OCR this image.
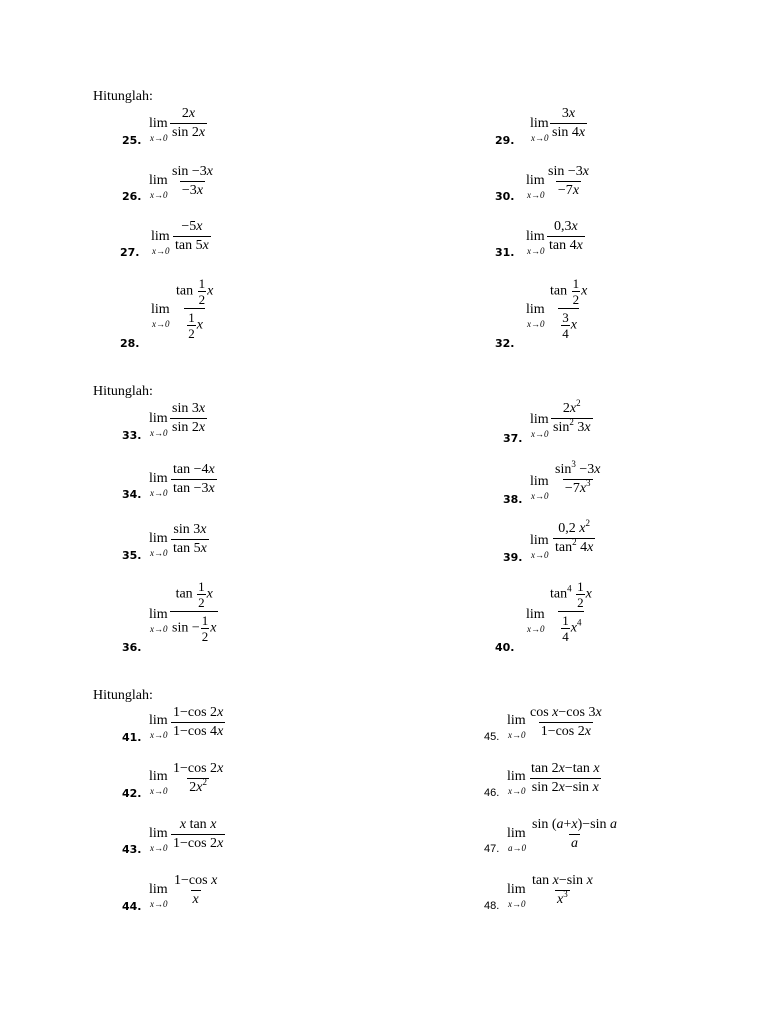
Hitunglah:
Hitunglah:
Hitunglah:
25.
lim
$x\to 0 \frac{2x}{\sin 2x}$
26.
lim
$x\to 0 \frac{\sin -3x}{-3x}$
27.
lim
$x\to 0 \frac{-5x}{\tan 5x}$
28.
lim
$x\to 0 \frac{\tan \frac{1}{2} x}{\frac{1}{2} x}$
29.
lim
$x\to 0 \frac{3x}{\sin 4x}$
30.
lim
$x\to 0 \frac{\sin -3x}{-7x}$
31.
lim
$x\to 0 \frac{0,3x}{\tan 4x}$
32.
lim
$x\to 0 \frac{\tan \frac{1}{2} x}{\frac{3}{4} x}$
33.
lim
$x\to 0 \frac{\sin 3x}{\sin 2x}$
34.
lim
$x\to 0 \frac{\tan -4x}{\tan -3x}$
35.
lim
$x\to 0 \frac{\sin 3x}{\tan 5x}$
36.
lim
$x\to 0 \frac{\tan \frac{1}{2} x}{\sin - \frac{1}{2} x}$
37.
lim
$x\to 0 \frac{2x^2}{\sin^2 3x}$
38.
lim
$x\to 0 \frac{\sin^3 -3x}{-7x^3}$
39.
lim
$x\to 0 \frac{0,2 x^2}{\tan^2 4x}$
40.
lim
$x\to 0 \frac{\tan^4 \frac{1}{2} x}{\frac{1}{4} x^4}$
41.
lim
$x\to 0 \frac{1-\cos 2x}{1-\cos 4x}$
42.
lim
$x\to 0 \frac{1-\cos 2x}{2x^2}$
43.
lim
$x\to 0 \frac{\text{x tan x}}{1-\cos 2x}$
44.
lim
$x\to 0 \frac{\text{1−cos x}}{x}$
45.
lim
$x\to 0 \frac{\text{cos x−cos 3x}}{1-\cos 2x}$
46.
lim
$x\to 0 \frac{\text{tan 2x−tan x}}{\text{sin 2x−sin x}}$
47.
lim
$a\to 0 \frac{\text{sin (a+x)−sin a}}{a}$
48.
lim
$x\to 0 \frac{\text{tan x−sin x}}{x^3}$
